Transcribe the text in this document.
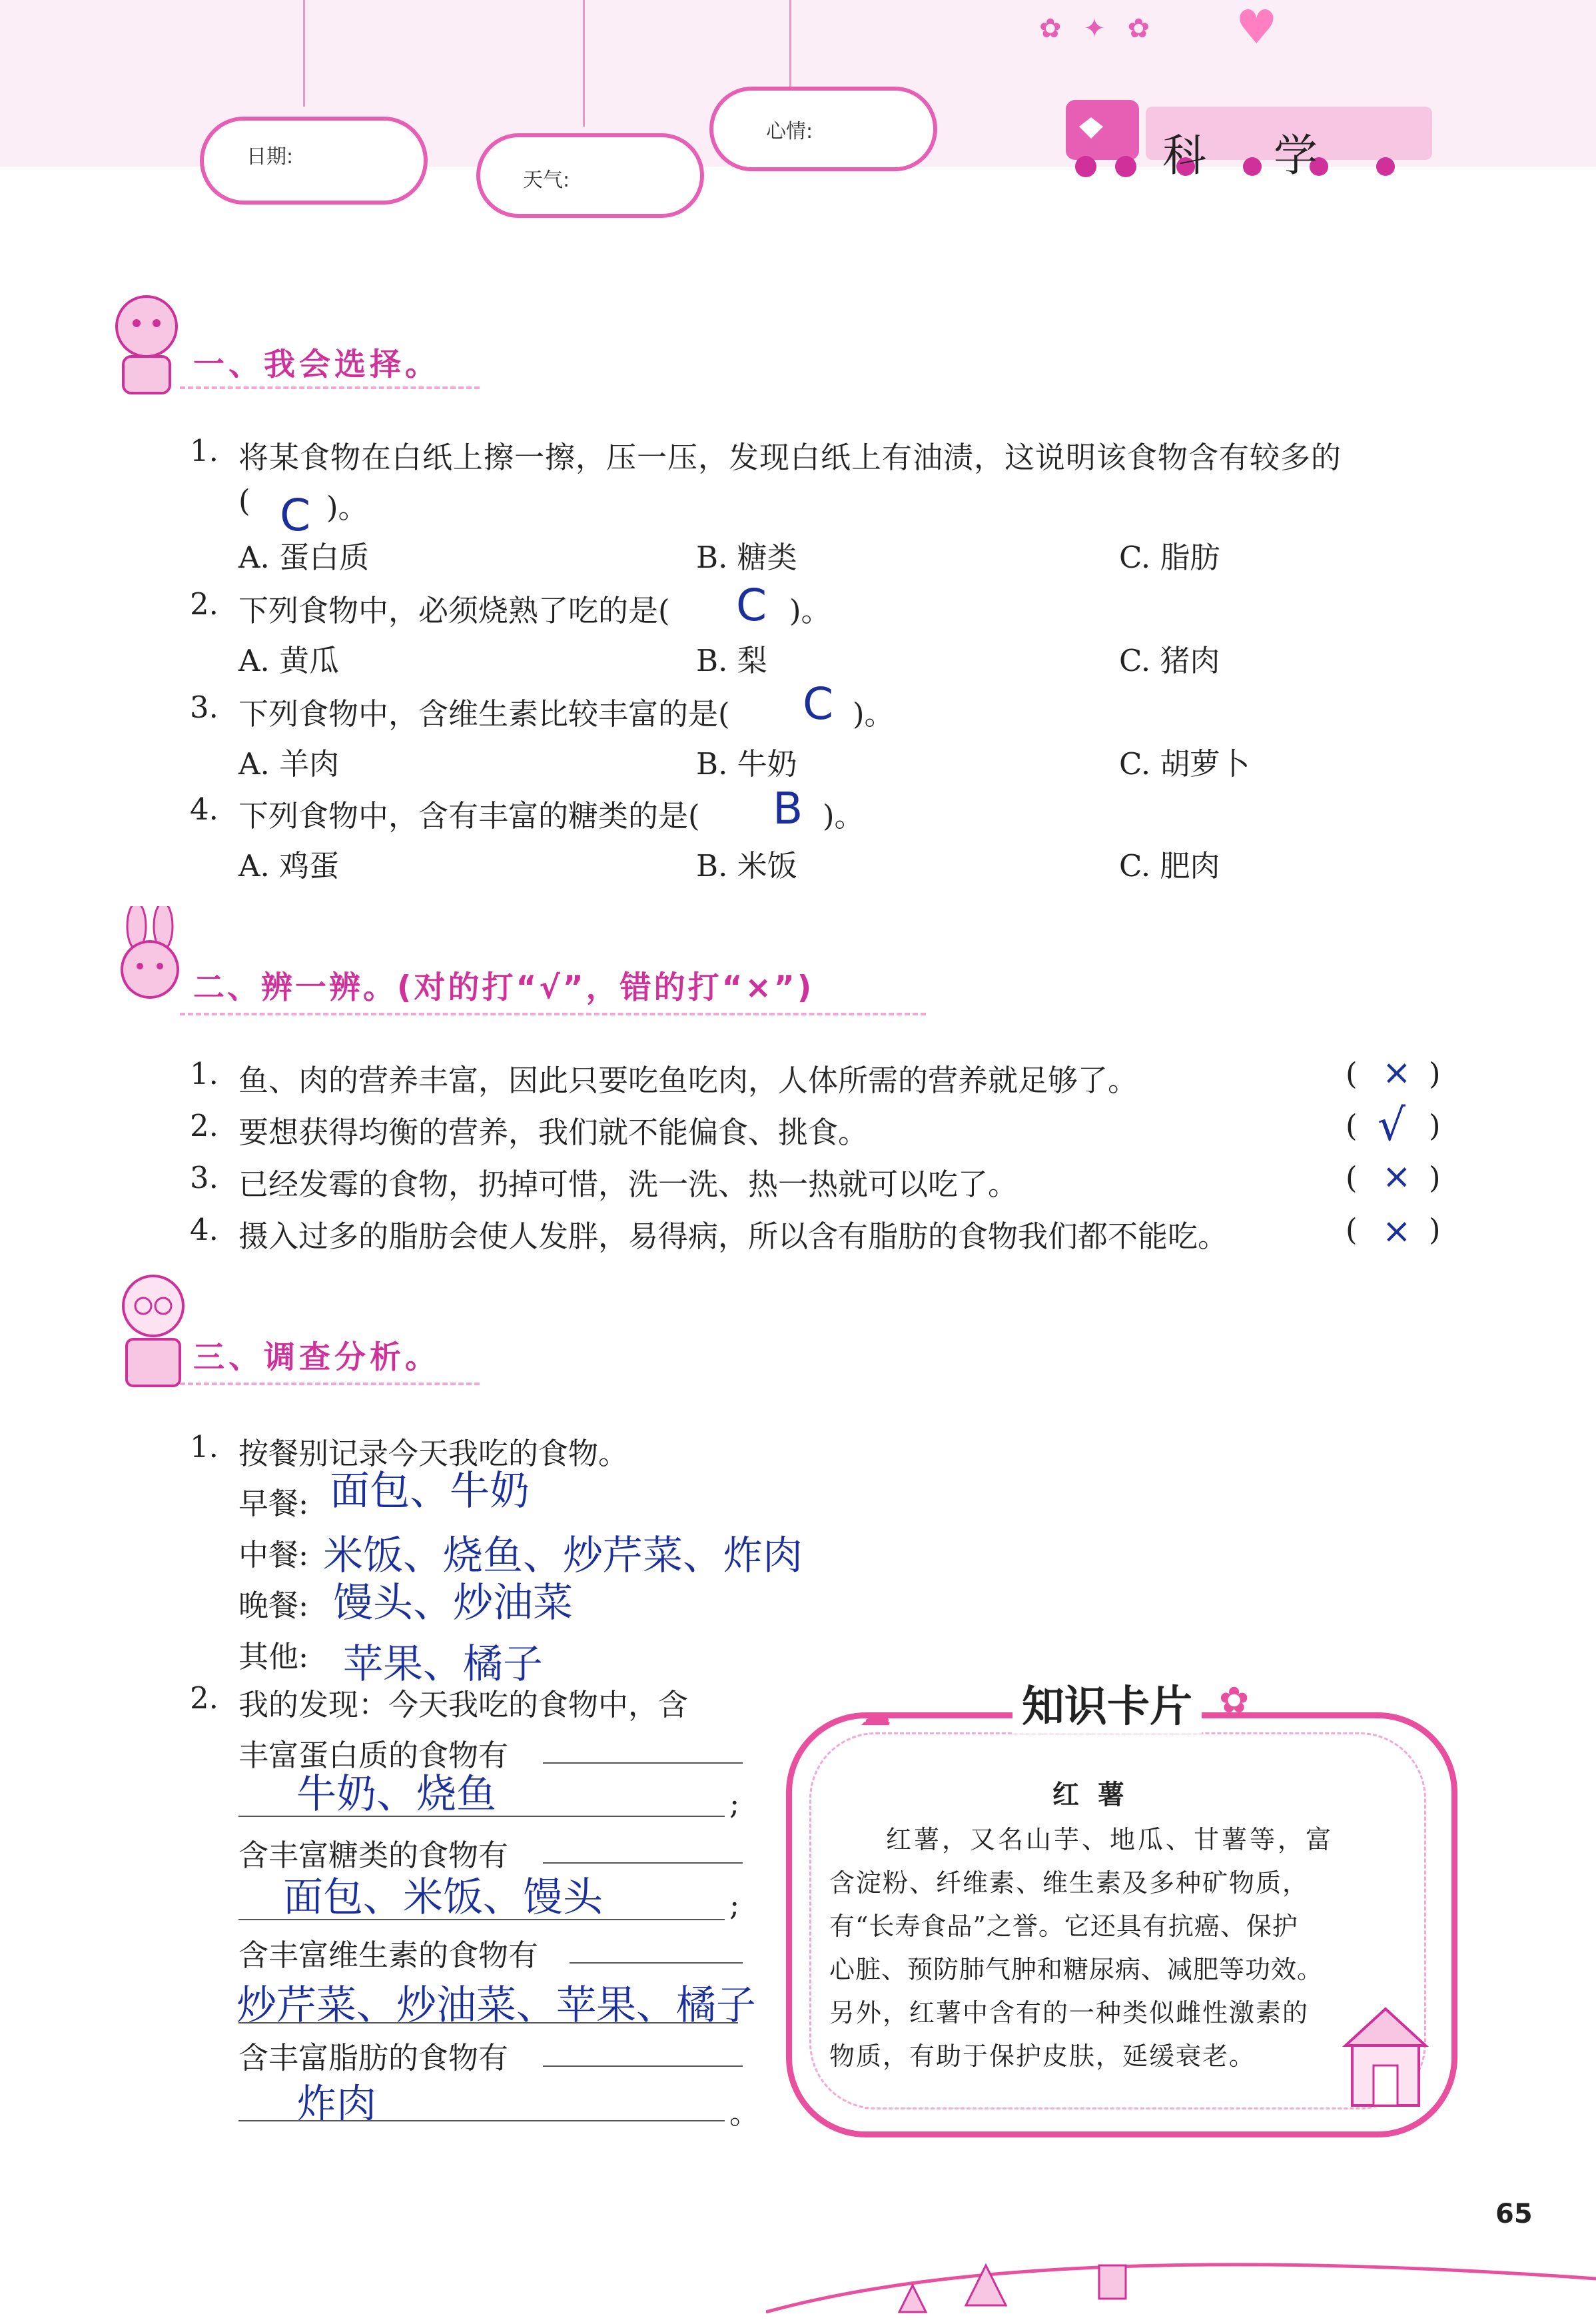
日期:
天气:
心情:	科 学
♥
✿ ✦ ✿
一、我会选择。
1. 将某食物在白纸上擦一擦，压一压，发现白纸上有油渍，这说明该食物含有较多的
( C )。
A. 蛋白质	B. 糖类	C. 脂肪
2. 下列食物中，必须烧熟了吃的是( C )。
A. 黄瓜	B. 梨	C. 猪肉
3. 下列食物中，含维生素比较丰富的是( C )。
A. 羊肉	B. 牛奶	C. 胡萝卜
4. 下列食物中，含有丰富的糖类的是( B )。
A. 鸡蛋	B. 米饭	C. 肥肉
二、辨一辨。(对的打“√”，错的打“×”)
1. 鱼、肉的营养丰富，因此只要吃鱼吃肉，人体所需的营养就足够了。	( × )
2. 要想获得均衡的营养，我们就不能偏食、挑食。	( √ )
3. 已经发霉的食物，扔掉可惜，洗一洗、热一热就可以吃了。	( × )
4. 摄入过多的脂肪会使人发胖，易得病，所以含有脂肪的食物我们都不能吃。	( × )
三、调查分析。
1. 按餐别记录今天我吃的食物。
早餐: 面包、牛奶
中餐: 米饭、烧鱼、炒芹菜、炸肉
晚餐: 馒头、炒油菜
其他: 苹果、橘子
2. 我的发现：今天我吃的食物中，含
丰富蛋白质的食物有
牛奶、烧鱼	;
含丰富糖类的食物有
面包、米饭、馒头	;
含丰富维生素的食物有
炒芹菜、炒油菜、苹果、橘子
含丰富脂肪的食物有
炸肉	。
知识卡片 ✿
☁
红  薯
红薯，又名山芋、地瓜、甘薯等，富
含淀粉、纤维素、维生素及多种矿物质，
有“长寿食品”之誉。它还具有抗癌、保护
心脏、预防肺气肿和糖尿病、减肥等功效。
另外，红薯中含有的一种类似雌性激素的
物质，有助于保护皮肤，延缓衰老。
65
